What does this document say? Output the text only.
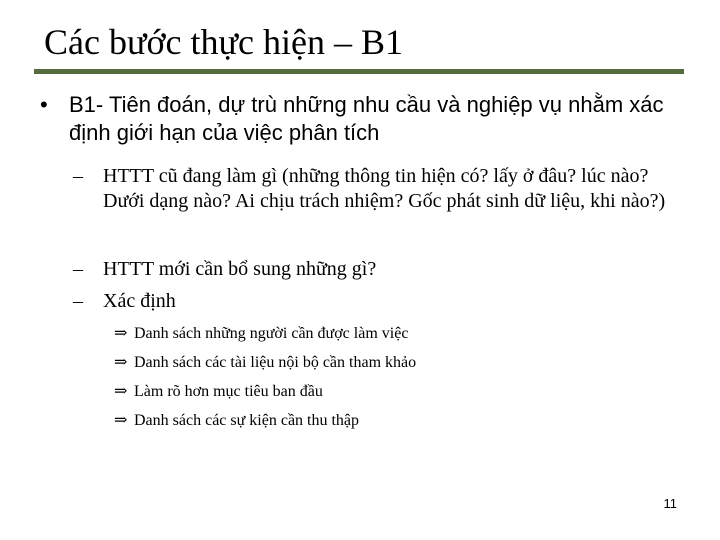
Các bước thực hiện – B1
• B1- Tiên đoán, dự trù những nhu cầu và nghiệp vụ nhằm xác định giới hạn của việc phân tích
– HTTT cũ đang làm gì (những thông tin hiện có? lấy ở đâu? lúc nào? Dưới dạng nào? Ai chịu trách nhiệm? Gốc phát sinh dữ liệu, khi nào?)
– HTTT mới cần bổ sung những gì?
– Xác định
⇒ Danh sách những người cần được làm việc
⇒ Danh sách các tài liệu nội bộ cần tham khảo
⇒ Làm rõ hơn mục tiêu ban đầu
⇒ Danh sách các sự kiện cần thu thập
11
